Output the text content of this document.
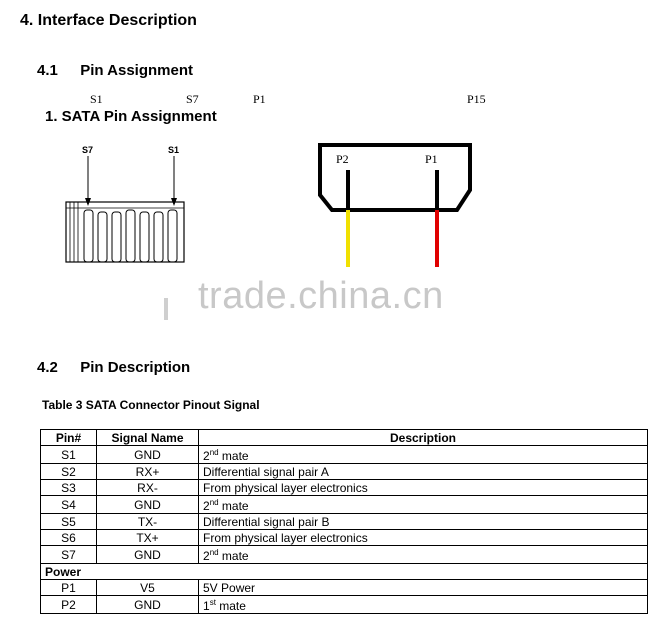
4. Interface Description
4.1 Pin Assignment
S1	S7	P1	P15
1. SATA Pin Assignment
S7	S1
P2	P1
trade.china.cn
4.2 Pin Description
Table 3 SATA Connector Pinout Signal
Pin#	Signal Name	Description
S1	GND	2nd mate
S2	RX+	Differential signal pair A
S3	RX-	From physical layer electronics
S4	GND	2nd mate
S5	TX-	Differential signal pair B
S6	TX+	From physical layer electronics
S7	GND	2nd mate
Power		
P1	V5	5V Power
P2	GND	1st mate
